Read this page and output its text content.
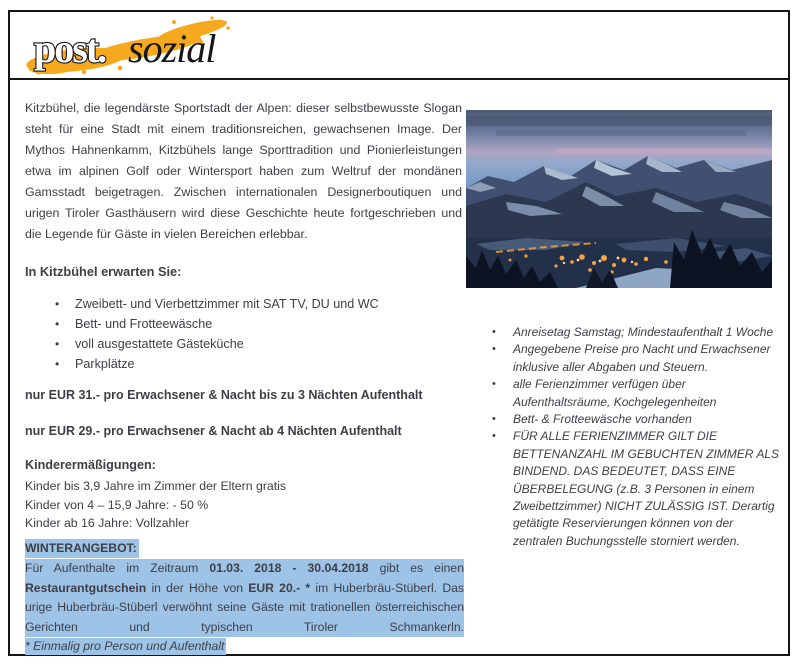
post. sozial
Kitzbühel, die legendärste Sportstadt der Alpen: dieser selbstbewusste Slogan steht für eine Stadt mit einem traditionsreichen, gewachsenen Image. Der Mythos Hahnenkamm, Kitzbühels lange Sporttradition und Pionierleistungen etwa im alpinen Golf oder Wintersport haben zum Weltruf der mondänen Gamsstadt beigetragen. Zwischen internationalen Designerboutiquen und urigen Tiroler Gasthäusern wird diese Geschichte heute fortgeschrieben und die Legende für Gäste in vielen Bereichen erlebbar.
In Kitzbühel erwarten Sie:
• Zweibett- und Vierbettzimmer mit SAT TV, DU und WC
• Bett- und Frotteewäsche
• voll ausgestattete Gästeküche
• Parkplätze
nur EUR 31.- pro Erwachsener & Nacht bis zu 3 Nächten Aufenthalt
nur EUR 29.- pro Erwachsener & Nacht ab 4 Nächten Aufenthalt
Kinderermäßigungen:
Kinder bis 3,9 Jahre im Zimmer der Eltern gratis
Kinder von 4 – 15,9 Jahre: - 50 %
Kinder ab 16 Jahre: Vollzahler
WINTERANGEBOT:
Für Aufenthalte im Zeitraum 01.03. 2018 - 30.04.2018 gibt es einen Restaurantgutschein in der Höhe von EUR 20.- * im Huberbräu-Stüberl. Das urige Huberbräu-Stüberl verwöhnt seine Gäste mit trationellen österreichischen Gerichten und typischen Tiroler Schmankerln.
* Einmalig pro Person und Aufenthalt
• Anreisetag Samstag; Mindestaufenthalt 1 Woche
• Angegebene Preise pro Nacht und Erwachsener inklusive aller Abgaben und Steuern.
• alle Ferienzimmer verfügen über Aufenthaltsräume, Kochgelegenheiten
• Bett- & Frotteewäsche vorhanden
• FÜR ALLE FERIENZIMMER GILT DIE BETTENANZAHL IM GEBUCHTEN ZIMMER ALS BINDEND. DAS BEDEUTET, DASS EINE ÜBERBELEGUNG (z.B. 3 Personen in einem Zweibettzimmer) NICHT ZULÄSSIG IST. Derartig getätigte Reservierungen können von der zentralen Buchungsstelle storniert werden.
